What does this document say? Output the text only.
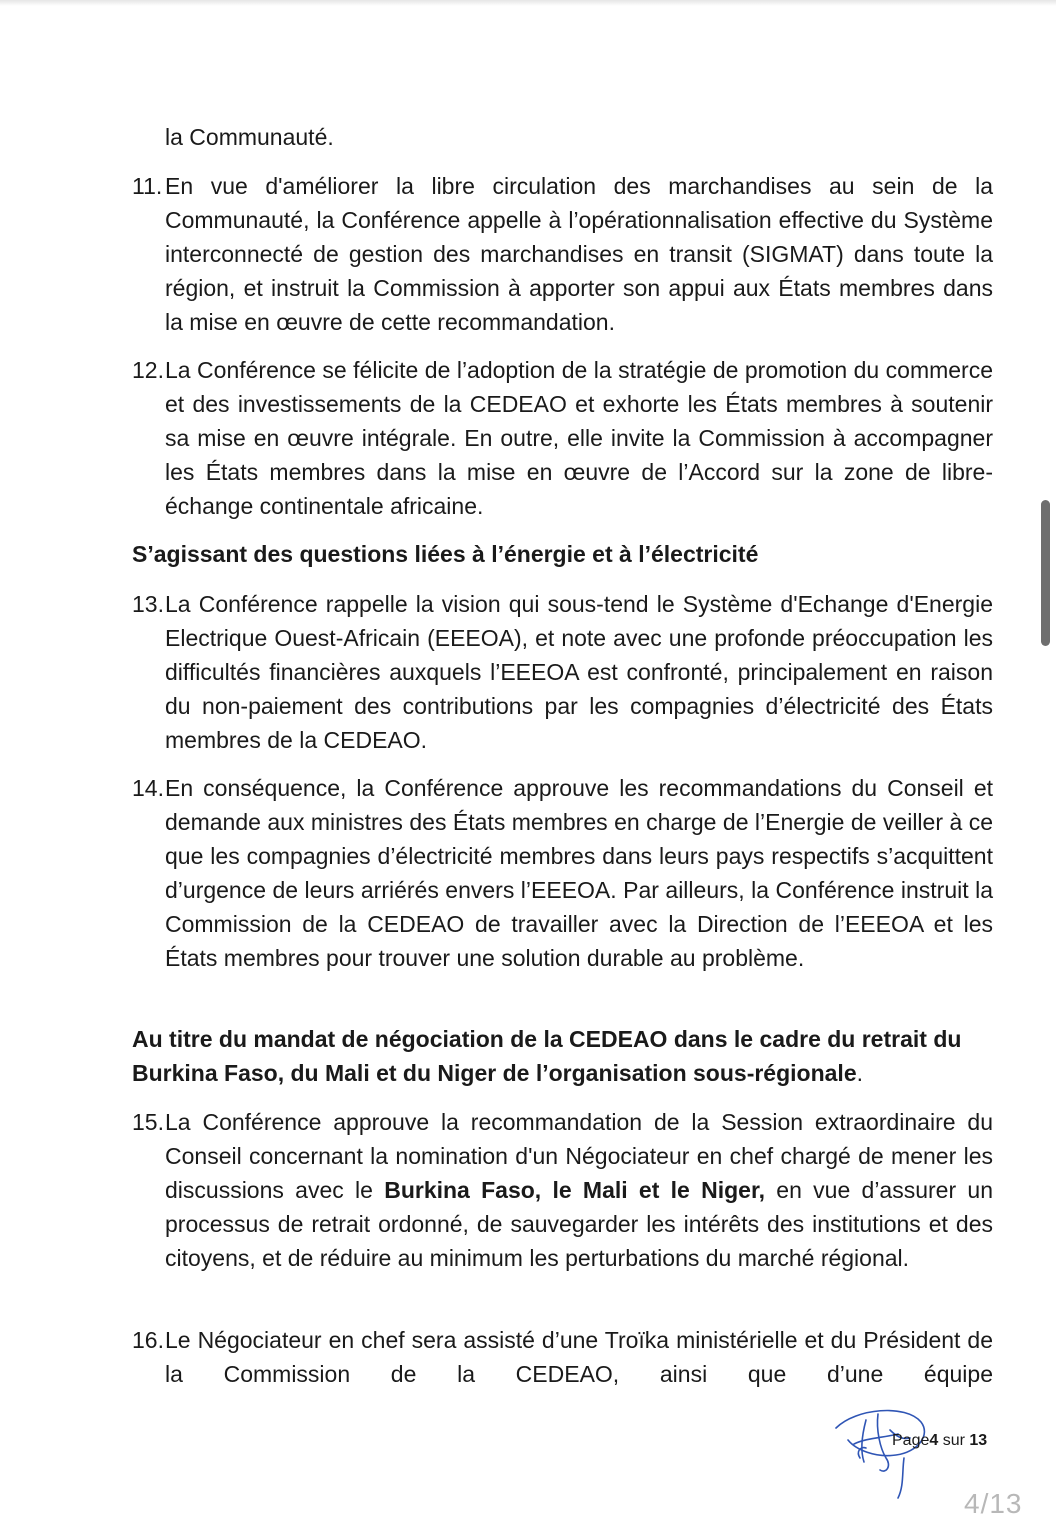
la Communauté.

11. En vue d'améliorer la libre circulation des marchandises au sein de la Communauté, la Conférence appelle à l’opérationnalisation effective du Système interconnecté de gestion des marchandises en transit (SIGMAT) dans toute la région, et instruit la Commission à apporter son appui aux États membres dans la mise en œuvre de cette recommandation.
12. La Conférence se félicite de l’adoption de la stratégie de promotion du commerce et des investissements de la CEDEAO et exhorte les États membres à soutenir sa mise en œuvre intégrale. En outre, elle invite la Commission à accompagner les États membres dans la mise en œuvre de l’Accord sur la zone de libre-échange continentale africaine.

S’agissant des questions liées à l’énergie et à l’électricité

13. La Conférence rappelle la vision qui sous-tend le Système d'Echange d'Energie Electrique Ouest-Africain (EEEOA), et note avec une profonde préoccupation les difficultés financières auxquels l’EEEOA est confronté, principalement en raison du non-paiement des contributions par les compagnies d’électricité des États membres de la CEDEAO.
14. En conséquence, la Conférence approuve les recommandations du Conseil et demande aux ministres des États membres en charge de l’Energie de veiller à ce que les compagnies d’électricité membres dans leurs pays respectifs s’acquittent d’urgence de leurs arriérés envers l’EEEOA. Par ailleurs, la Conférence instruit la Commission de la CEDEAO de travailler avec la Direction de l’EEEOA et les États membres pour trouver une solution durable au problème.

Au titre du mandat de négociation de la CEDEAO dans le cadre du retrait du Burkina Faso, du Mali et du Niger de l’organisation sous-régionale.

15. La Conférence approuve la recommandation de la Session extraordinaire du Conseil concernant la nomination d'un Négociateur en chef chargé de mener les discussions avec le Burkina Faso, le Mali et le Niger, en vue d’assurer un processus de retrait ordonné, de sauvegarder les intérêts des institutions et des citoyens, et de réduire au minimum les perturbations du marché régional.
16. Le Négociateur en chef sera assisté d’une Troïka ministérielle et du Président de la Commission de la CEDEAO, ainsi que d’une équipe
Page4 sur 13
4/13
